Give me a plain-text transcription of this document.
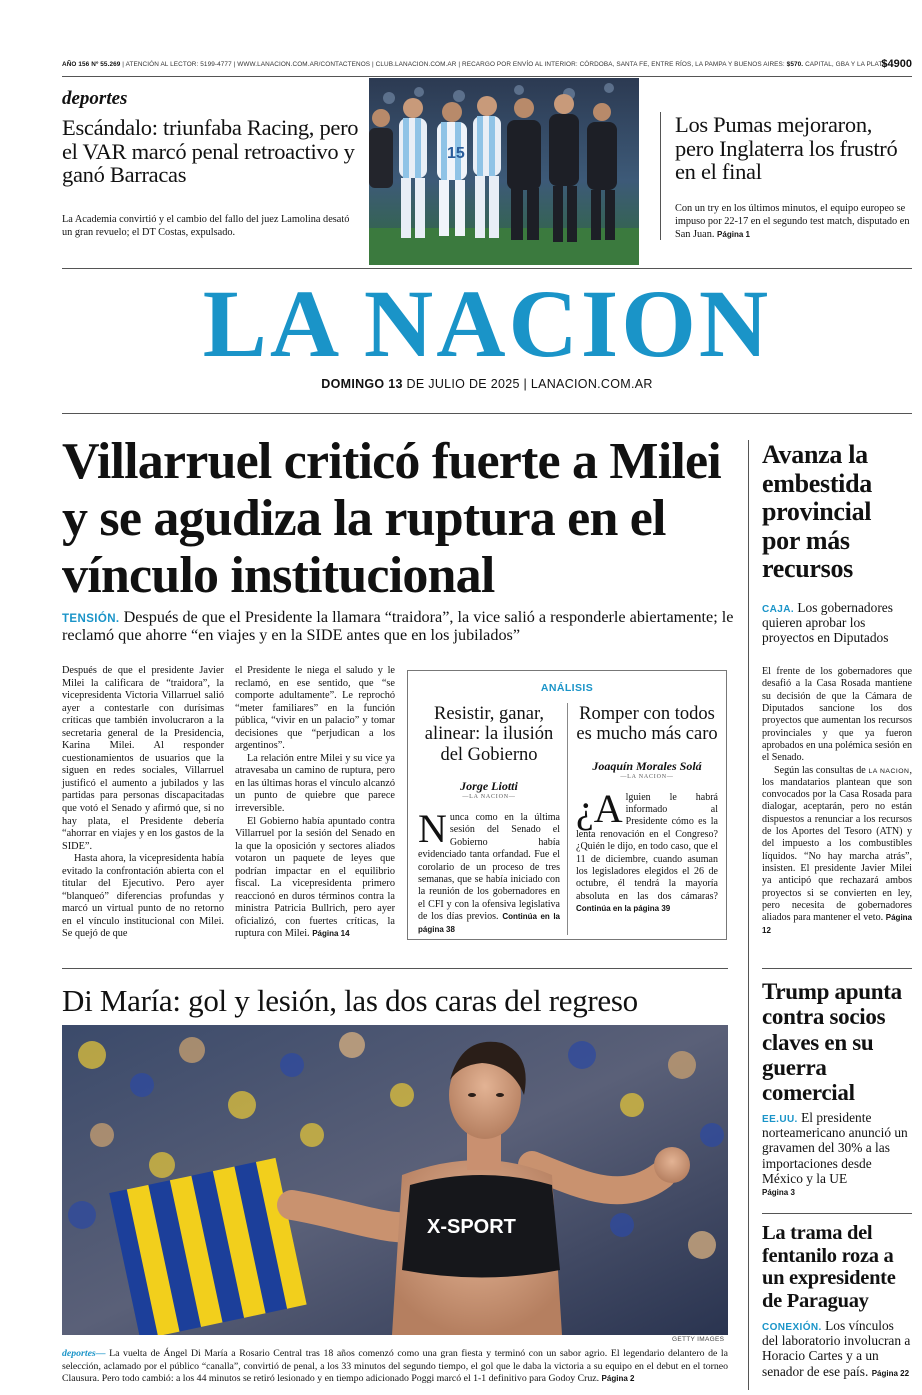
AÑO 156 Nº 55.269 | ATENCIÓN AL LECTOR: 5199-4777 | WWW.LANACION.COM.AR/CONTACTENOS | CLUB.LANACION.COM.AR | RECARGO POR ENVÍO AL INTERIOR: CÓRDOBA, SANTA FE, ENTRE RÍOS, LA PAMPA Y BUENOS AIRES: $570. CAPITAL, GBA Y LA PLATA
$4900
deportes
Escándalo: triunfaba Racing, pero el VAR marcó penal retroactivo y ganó Barracas
La Academia convirtió y el cambio del fallo del juez Lamolina desató un gran revuelo; el DT Costas, expulsado.
15
Los Pumas mejoraron, pero Inglaterra los frustró en el final
Con un try en los últimos minutos, el equipo europeo se impuso por 22-17 en el segundo test match, disputado en San Juan. Página 1
LA NACION
DOMINGO 13 DE JULIO DE 2025 | LANACION.COM.AR
Villarruel criticó fuerte a Milei y se agudiza la ruptura en el vínculo institucional
TENSIÓN. Después de que el Presidente la llamara “traidora”, la vice salió a responderle abiertamente; le reclamó que ahorre “en viajes y en la SIDE antes que en los jubilados”

Después de que el presidente Javier Milei la calificara de “traidora”, la vicepresidenta Victoria Villarruel salió ayer a contestarle con durísimas críticas que también involucraron a la secretaria general de la Presidencia, Karina Milei. Al responder cuestionamientos de usuarios que la siguen en redes sociales, Villarruel justificó el aumento a jubilados y las partidas para personas discapacitadas que votó el Senado y afirmó que, si no hay plata, el Presidente debería “ahorrar en viajes y en los gastos de la SIDE”.

Hasta ahora, la vicepresidenta había evitado la confrontación abierta con el titular del Ejecutivo. Pero ayer “blanqueó” diferencias profundas y marcó un virtual punto de no retorno en el vínculo institucional con Milei. Se quejó de que

el Presidente le niega el saludo y le reclamó, en ese sentido, que “se comporte adultamente”. Le reprochó “meter familiares” en la función pública, “vivir en un palacio” y tomar decisiones que “perjudican a los argentinos”.

La relación entre Milei y su vice ya atravesaba un camino de ruptura, pero en las últimas horas el vínculo alcanzó un punto de quiebre que parece irreversible.

El Gobierno había apuntado contra Villarruel por la sesión del Senado en la que la oposición y sectores aliados votaron un paquete de leyes que podrían impactar en el equilibrio fiscal. La vicepresidenta primero reaccionó en duros términos contra la ministra Patricia Bullrich, pero ayer oficializó, con fuertes críticas, la ruptura con Milei. Página 14

ANÁLISIS
Resistir, ganar, alinear: la ilusión del Gobierno
Jorge Liotti
—LA NACION—
Nunca como en la última sesión del Senado el Gobierno había evidenciado tanta orfandad. Fue el corolario de un proceso de tres semanas, que se había iniciado con la reunión de los gobernadores en el CFI y con la ofensiva legislativa de los días previos. Continúa en la página 38
Romper con todos es mucho más caro
Joaquín Morales Solá
—LA NACION—
¿A lguien le habrá informado al Presidente cómo es la lenta renovación en el Congreso? ¿Quién le dijo, en todo caso, que el 11 de diciembre, cuando asuman los legisladores elegidos el 26 de octubre, él tendrá la mayoría absoluta en las dos cámaras? Continúa en la página 39
Avanza la embestida provincial por más recursos
CAJA. Los gobernadores quieren aprobar los proyectos en Diputados

El frente de los gobernadores que desafió a la Casa Rosada mantiene su decisión de que la Cámara de Diputados sancione los dos proyectos que aumentan los recursos provinciales y que ya fueron aprobados en una polémica sesión en el Senado.

Según las consultas de LA NACION, los mandatarios plantean que son convocados por la Casa Rosada para dialogar, aceptarán, pero no están dispuestos a renunciar a los recursos de los Aportes del Tesoro (ATN) y del impuesto a los combustibles líquidos. “No hay marcha atrás”, insisten. El presidente Javier Milei ya anticipó que rechazará ambos proyectos si se convierten en ley, pero necesita de gobernadores aliados para mantener el veto. Página 12

Trump apunta contra socios claves en su guerra comercial
EE.UU. El presidente norteamericano anunció un gravamen del 30% a las importaciones desde México y la UE
Página 3
La trama del fentanilo roza a un expresidente de Paraguay
CONEXIÓN. Los vínculos del laboratorio involucran a Horacio Cartes y a un senador de ese país. Página 22
Di María: gol y lesión, las dos caras del regreso
X-SPORT
GETTY IMAGES
deportes— La vuelta de Ángel Di María a Rosario Central tras 18 años comenzó como una gran fiesta y terminó con un sabor agrio. El legendario delantero de la selección, aclamado por el público “canalla”, convirtió de penal, a los 33 minutos del segundo tiempo, el gol que le daba la victoria a su equipo en el debut en el torneo Clausura. Pero todo cambió: a los 44 minutos se retiró lesionado y en tiempo adicionado Poggi marcó el 1-1 definitivo para Godoy Cruz. Página 2
